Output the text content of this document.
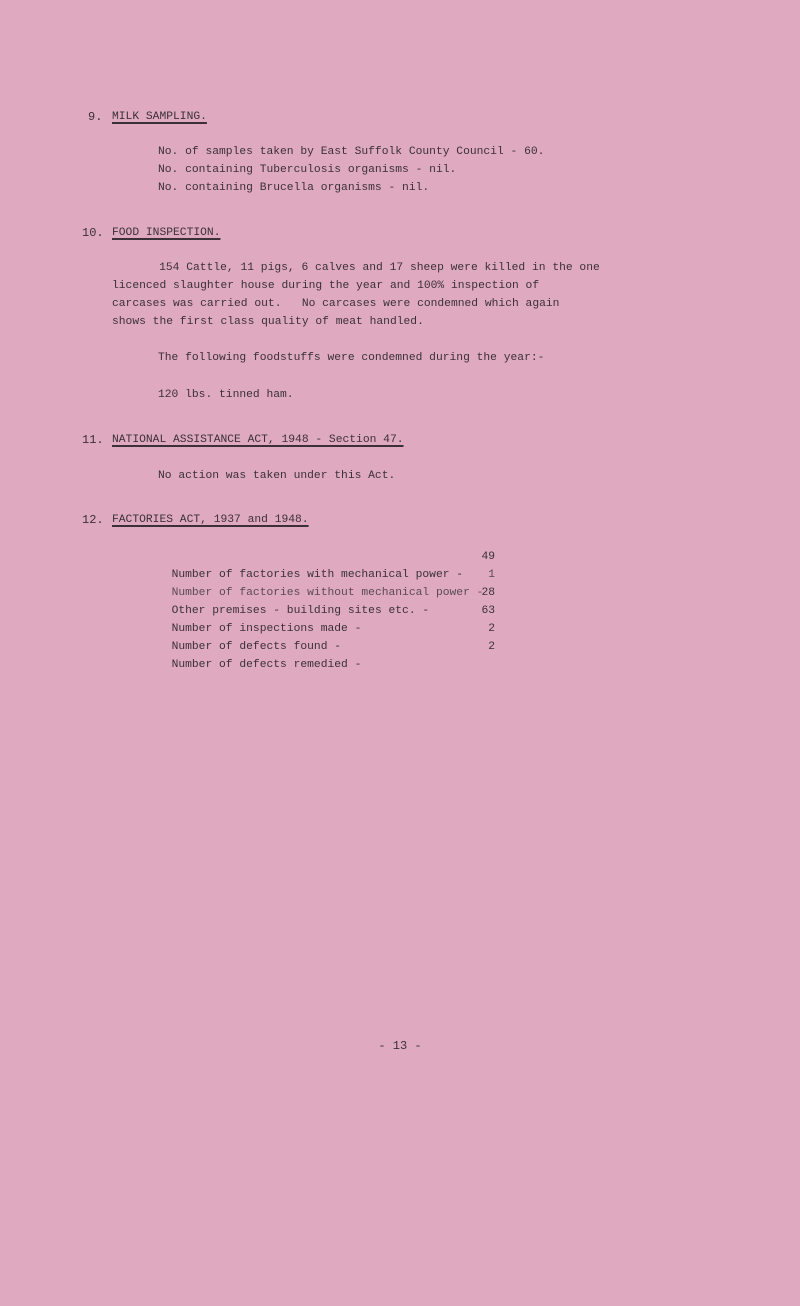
9. MILK SAMPLING.
No. of samples taken by East Suffolk County Council - 60.
No. containing Tuberculosis organisms - nil.
No. containing Brucella organisms - nil.
10. FOOD INSPECTION.
154 Cattle, 11 pigs, 6 calves and 17 sheep were killed in the one
licenced slaughter house during the year and 100% inspection of
carcases was carried out.   No carcases were condemned which again
shows the first class quality of meat handled.
The following foodstuffs were condemned during the year:-
120 lbs. tinned ham.
11. NATIONAL ASSISTANCE ACT, 1948 - Section 47.
No action was taken under this Act.
12. FACTORIES ACT, 1937 and 1948.

Number of factories with mechanical power -

49

Number of factories without mechanical power -

1

Other premises - building sites etc. -

28

Number of inspections made -

63

Number of defects found -

2

Number of defects remedied -

2

- 13 -
